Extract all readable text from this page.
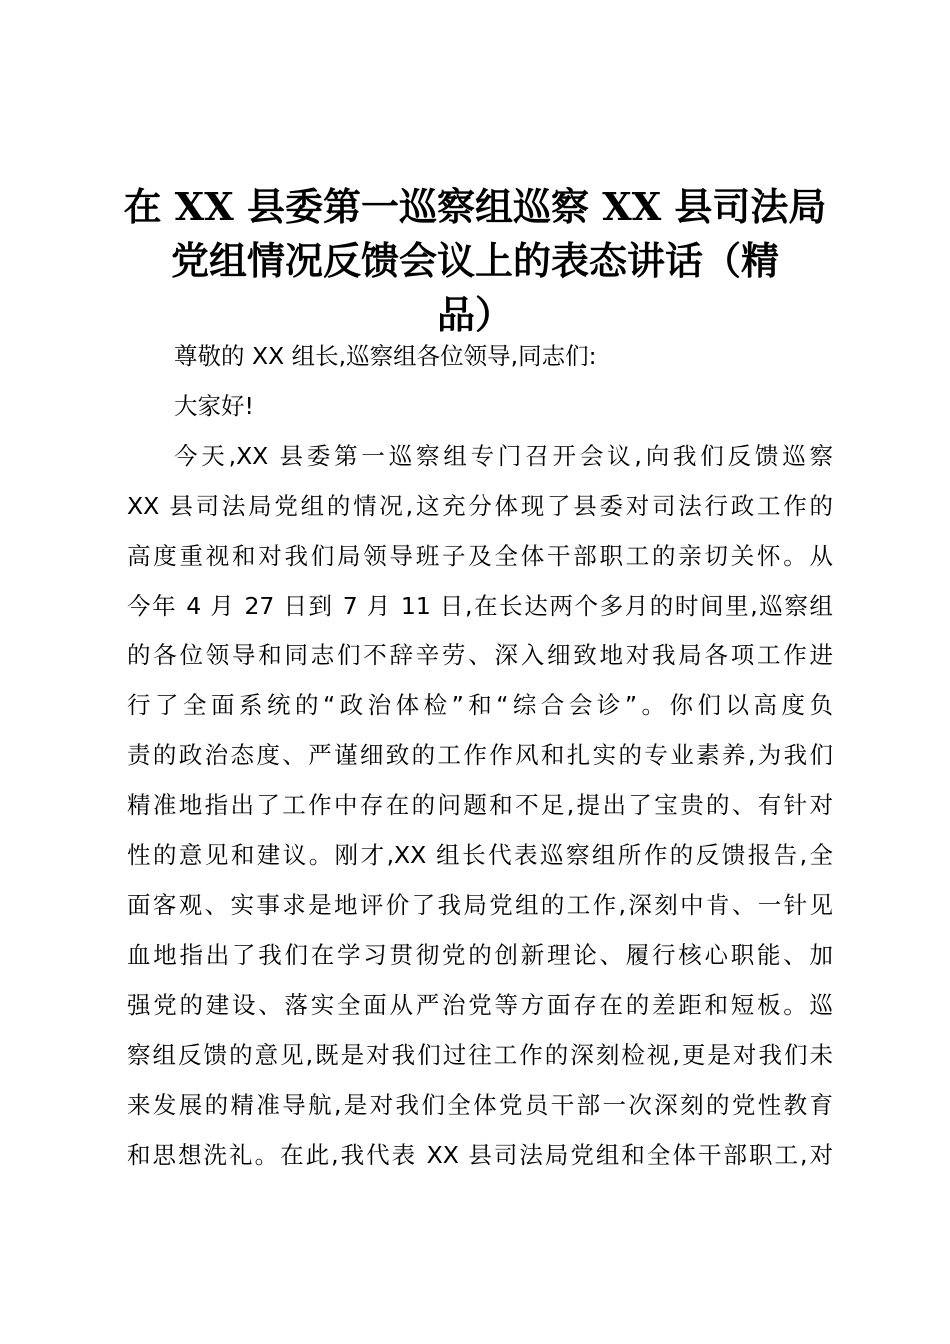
在 XX 县委第一巡察组巡察 XX 县司法局
党组情况反馈会议上的表态讲话（精
品）

尊敬的 XX 组长,巡察组各位领导,同志们:

大家好!

今天,XX 县委第一巡察组专门召开会议,向我们反馈巡察
XX 县司法局党组的情况,这充分体现了县委对司法行政工作的
高度重视和对我们局领导班子及全体干部职工的亲切关怀。从
今年 4 月 27 日到 7 月 11 日,在长达两个多月的时间里,巡察组
的各位领导和同志们不辞辛劳、深入细致地对我局各项工作进
行了全面系统的“政治体检”和“综合会诊”。你们以高度负
责的政治态度、严谨细致的工作作风和扎实的专业素养,为我们
精准地指出了工作中存在的问题和不足,提出了宝贵的、有针对
性的意见和建议。刚才,XX 组长代表巡察组所作的反馈报告,全
面客观、实事求是地评价了我局党组的工作,深刻中肯、一针见
血地指出了我们在学习贯彻党的创新理论、履行核心职能、加
强党的建设、落实全面从严治党等方面存在的差距和短板。巡
察组反馈的意见,既是对我们过往工作的深刻检视,更是对我们未
来发展的精准导航,是对我们全体党员干部一次深刻的党性教育
和思想洗礼。在此,我代表 XX 县司法局党组和全体干部职工,对
